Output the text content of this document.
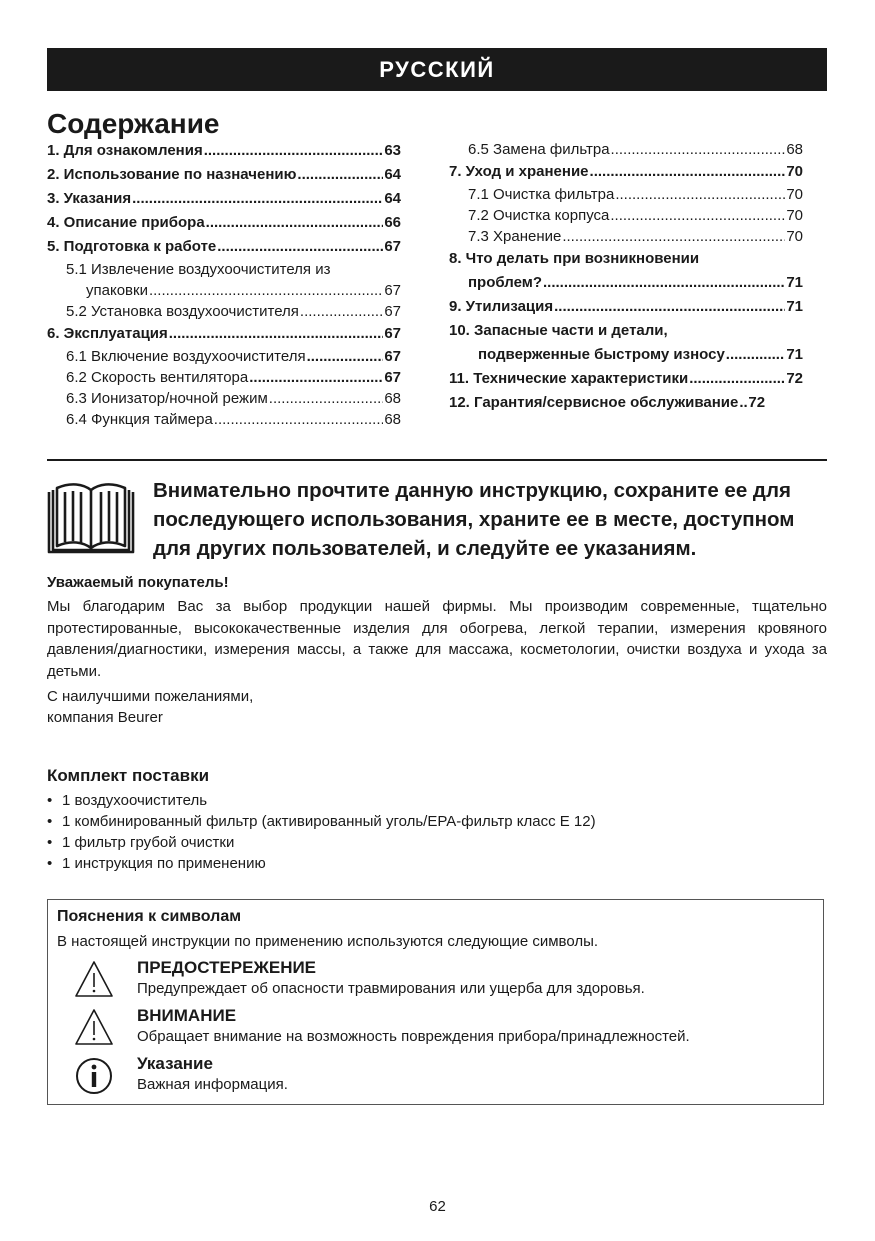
РУССКИЙ
Содержание
1. Для ознакомления .....	63
2. Использование по назначению .....	64
3. Указания .....	64
4. Описание прибора .....	66
5. Подготовка к работе .....	67
5.1 Извлечение воздухоочистителя из
упаковки .....	67
5.2 Установка воздухоочистителя .....	67
6. Эксплуатация .....	67
6.1 Включение воздухоочистителя .....	67
6.2 Скорость вентилятора .....	67
6.3 Ионизатор/ночной режим .....	68
6.4 Функция таймера .....	68
6.5 Замена фильтра .....	68
7. Уход и хранение .....	70
7.1 Очистка фильтра .....	70
7.2 Очистка корпуса .....	70
7.3 Хранение .....	70
8. Что делать при возникновении
проблем? .....	71
9. Утилизация .....	71
10. Запасные части и детали,
подверженные быстрому износу .....	71
11. Технические характеристики .....	72
12. Гарантия/сервисное обслуживание ..... 72
Внимательно прочтите данную инструкцию, сохраните ее для последующего использования, храните ее в месте, доступном для других пользователей, и следуйте ее указаниям.
Уважаемый покупатель!
Мы благодарим Вас за выбор продукции нашей фирмы. Мы производим современные, тщательно протестированные, высококачественные изделия для обогрева, легкой терапии, измерения кровяного давления/диагностики, измерения массы, а также для массажа, косметологии, очистки воздуха и ухода за детьми.
С наилучшими пожеланиями,
компания Beurer
Комплект поставки
• 1 воздухоочиститель
• 1 комбинированный фильтр (активированный уголь/EPA-фильтр класс E 12)
• 1 фильтр грубой очистки
• 1 инструкция по применению
Пояснения к символам
В настоящей инструкции по применению используются следующие символы.
ПРЕДОСТЕРЕЖЕНИЕ
Предупреждает об опасности травмирования или ущерба для здоровья.
ВНИМАНИЕ
Обращает внимание на возможность повреждения прибора/принадлежностей.
Указание
Важная информация.
62
